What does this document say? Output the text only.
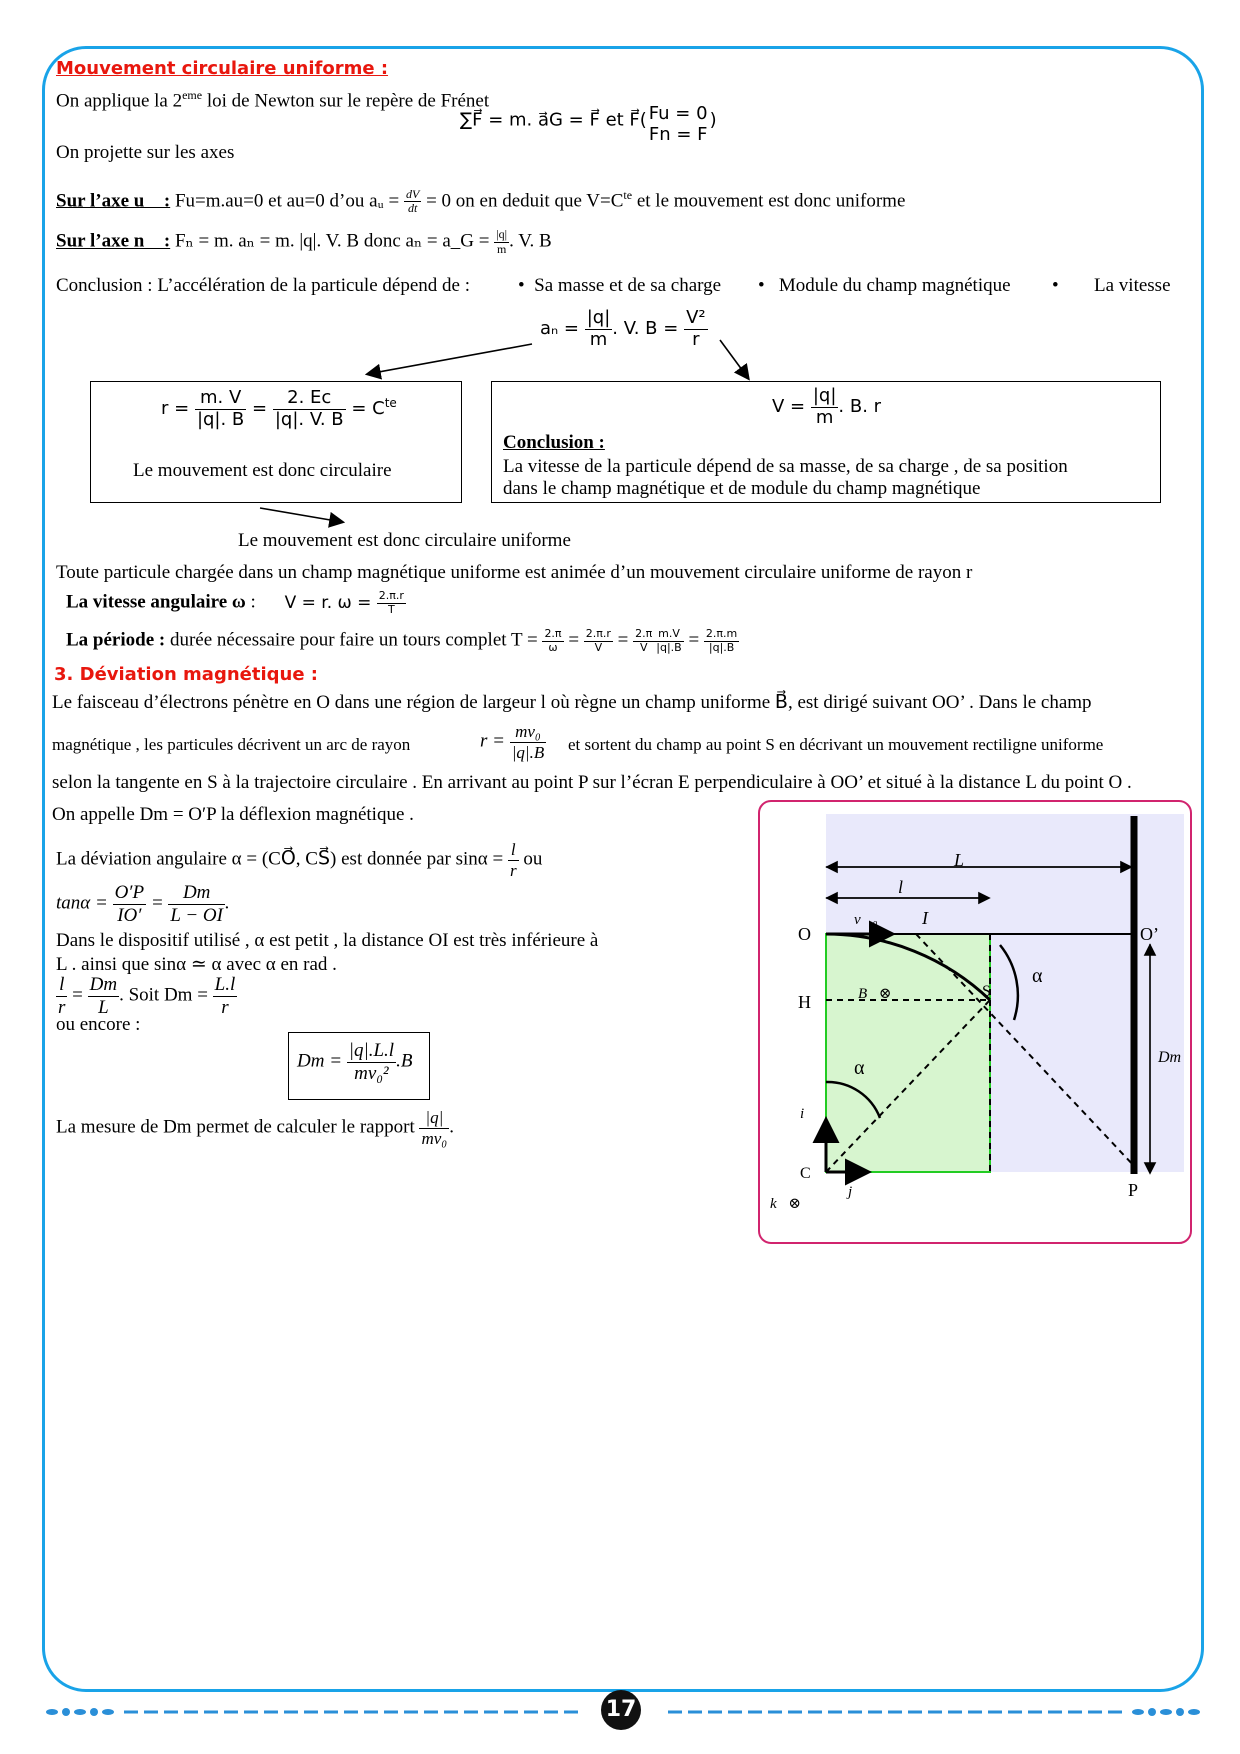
Mouvement circulaire uniforme :
On applique la 2eme loi de Newton sur le repère de Frénet
∑F⃗ = m. a⃗G = F⃗ et F⃗( Fu = 0
Fn = F
)
On projette sur les axes
Sur l’axe u⃗ : Fu=m.au=0 et au=0 d’ou aᵤ = $\frac{dV}{dt} = 0$ on en deduit que $V=C^{te}$ et le mouvement est donc uniforme
Sur l’axe n⃗ : Fₙ = m. aₙ = m. |q|. V. B donc aₙ = a_G = $\frac{|q|}{m}$ . V. B
Conclusion : L’accélération de la particule dépend de :	•  Sa masse et de sa charge •   Module du champ magnétique • La vitesse
$a_n = \frac{|q|}{m}$ . V. $B = \frac{\text{V²}}{r}$
$r = \frac{m. V}{|q|. B} = \frac{2. Ec}{|q|. V. B} = C^{te}$
Le mouvement est donc circulaire
$V = \frac{|q|}{m}$ . B. r
Conclusion :
La vitesse de la particule dépend de sa masse, de sa charge , de sa position
dans le champ magnétique et de module du champ magnétique
Le mouvement est donc circulaire uniforme
Toute particule chargée dans un champ magnétique uniforme est animée d’un mouvement circulaire uniforme de rayon r
La vitesse angulaire ω : V = r. $\omega = \frac{2.\pi.r}{T}$
La période : durée nécessaire pour faire un tours complet $T = \frac{2.\pi}{\omega} = \frac{2.\pi.r}{V} = \frac{2.\pi}{V} \frac{m.V}{|q|.B} = \frac{2.\pi.m}{|q|.B}$
3. Déviation magnétique :
Le faisceau d’électrons pénètre en O dans une région de largeur l où règne un champ uniforme B⃗, est dirigé suivant OO’ . Dans le champ
magnétique , les particules décrivent un arc de rayon	$r = \frac{\text{mv₀}}{|q|.B}$ et sortent du champ au point S en décrivant un mouvement rectiligne uniforme
selon la tangente en S à la trajectoire circulaire . En arrivant au point P sur l’écran E perpendiculaire à OO’ et situé à la distance L du point O .
On appelle Dm = O′P la déflexion magnétique .
La déviation angulaire α = (CO⃗, CS⃗) est donnée par $\sin\alpha = \frac{l}{r}$ ou
$\tan\alpha = \frac{O'P}{IO'} = \frac{Dm}{L - OI}$ .
Dans le dispositif utilisé , α est petit , la distance OI est très inférieure à
L . ainsi que sinα ≃ α avec α en rad .
$\frac{l}{r} = \frac{Dm}{L}$ . Soit $Dm = \frac{L.l}{r}$
ou encore :
$Dm = \frac{|q|.L.l}{\text{mv₀²}} .B$
La mesure de Dm permet de calculer le rapport $\frac{|q|}{\text{mv₀}}$ .
L
l
O	O’
v⃗₀ I
H	B⃗⊗	S
α
α	Dm
i⃗
C
j⃗	P
k⃗⊗
17
